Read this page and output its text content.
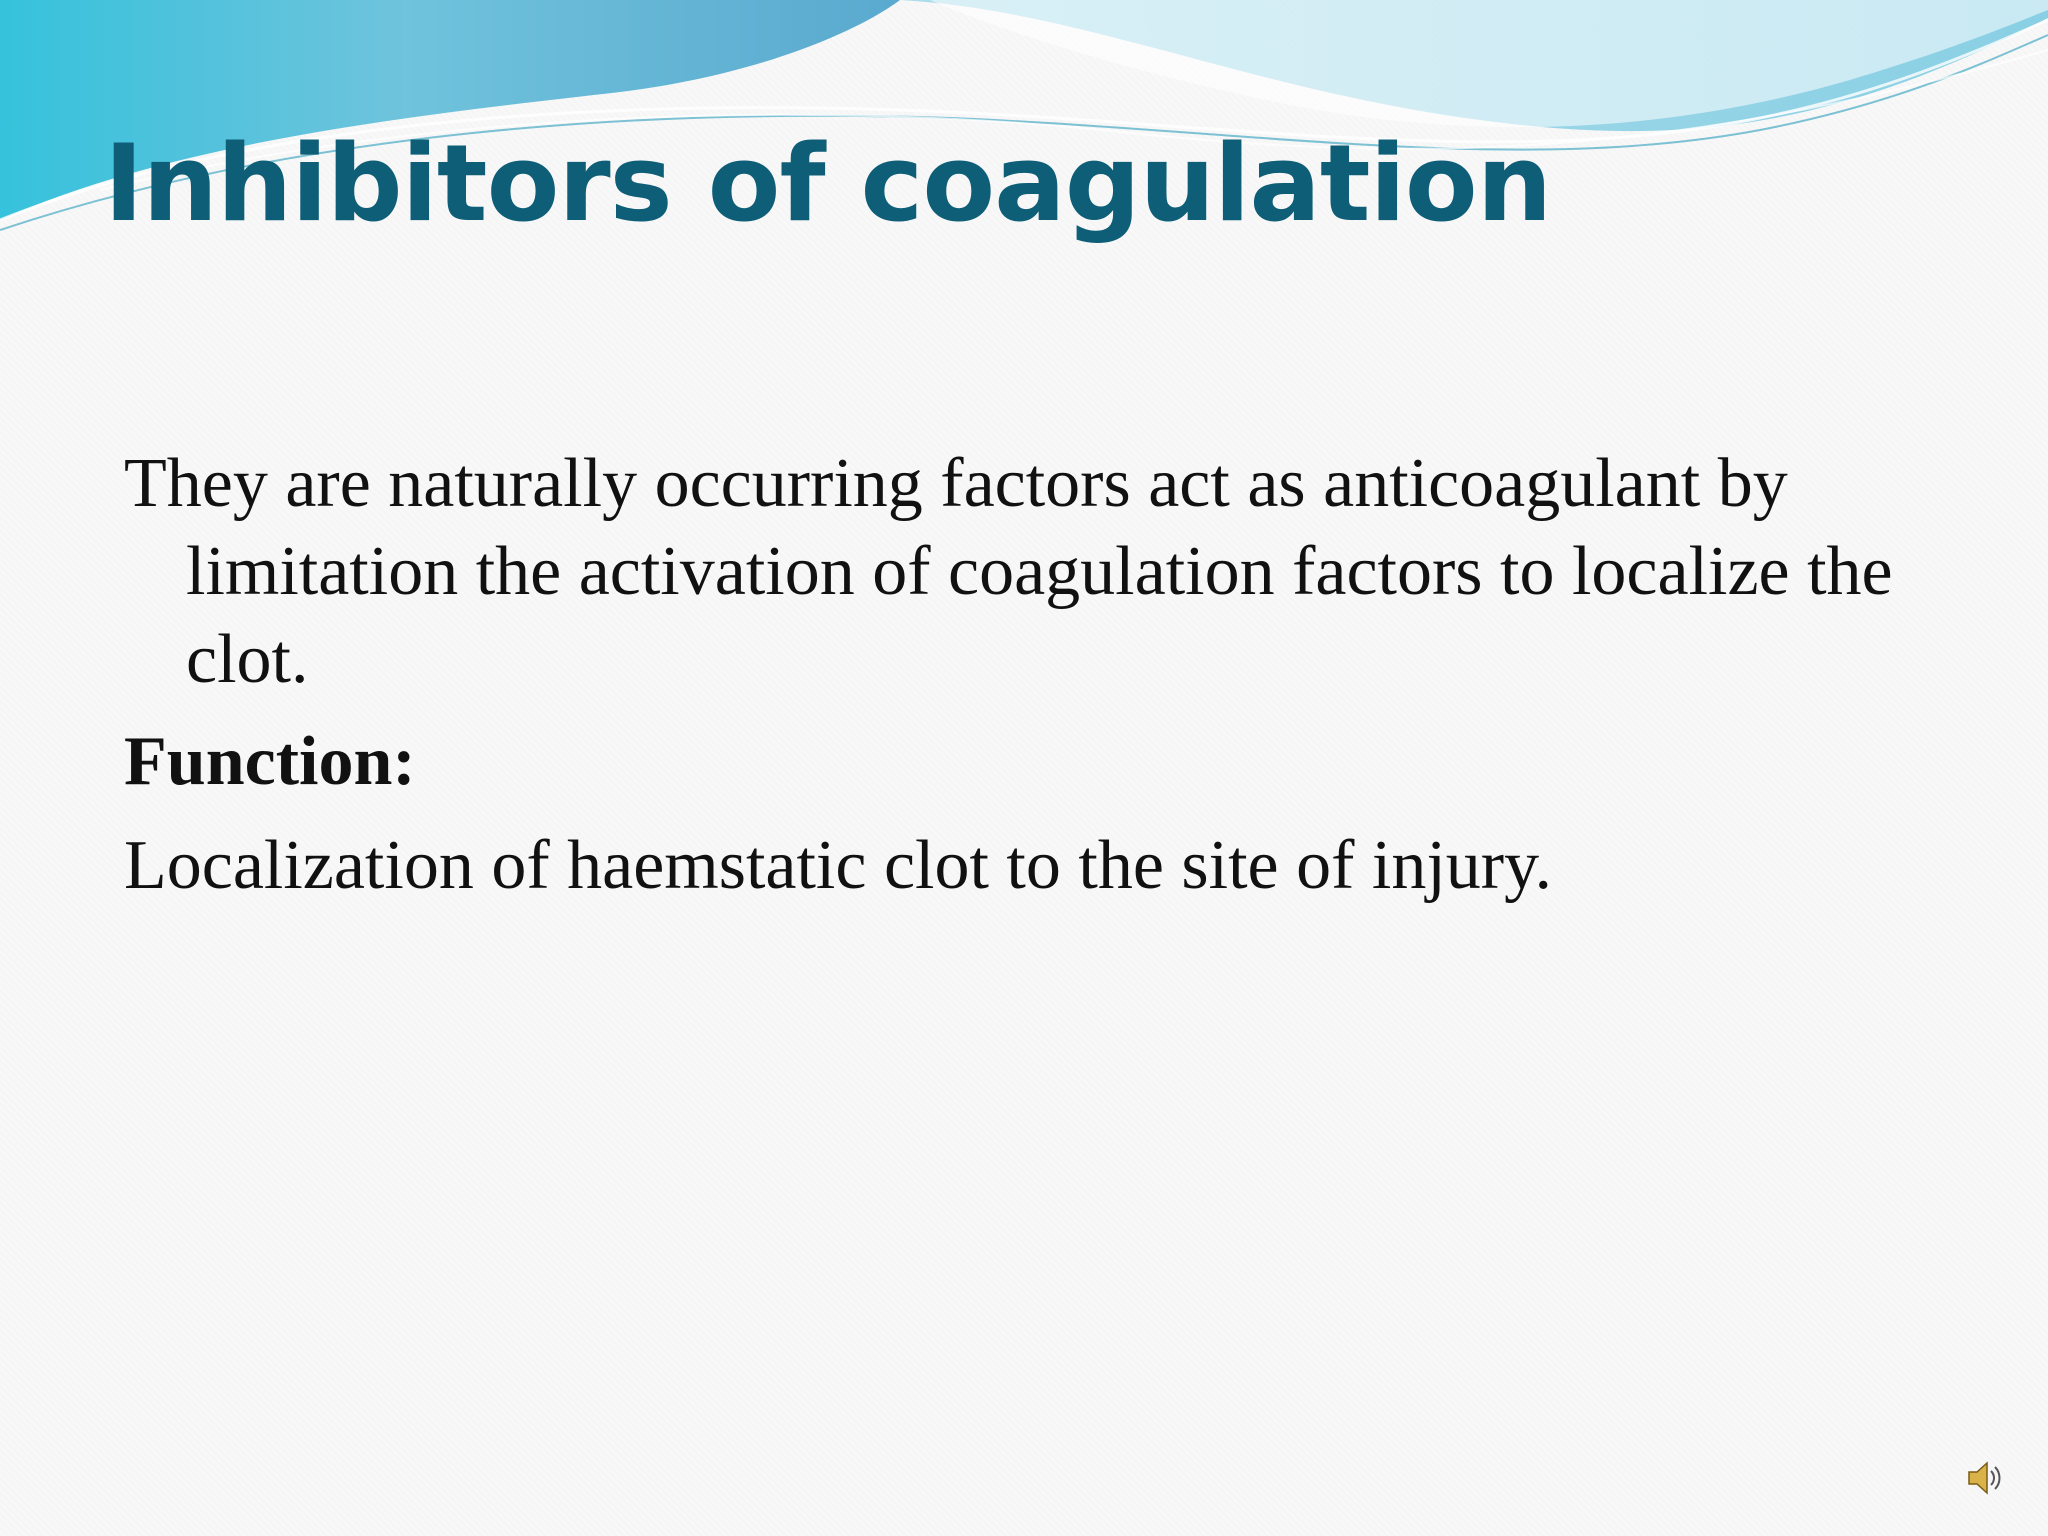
Inhibitors of coagulation

They are naturally occurring factors act as anticoagulant by limitation the activation of coagulation factors to localize the clot.

Function:

Localization of haemstatic clot to the site of injury.
